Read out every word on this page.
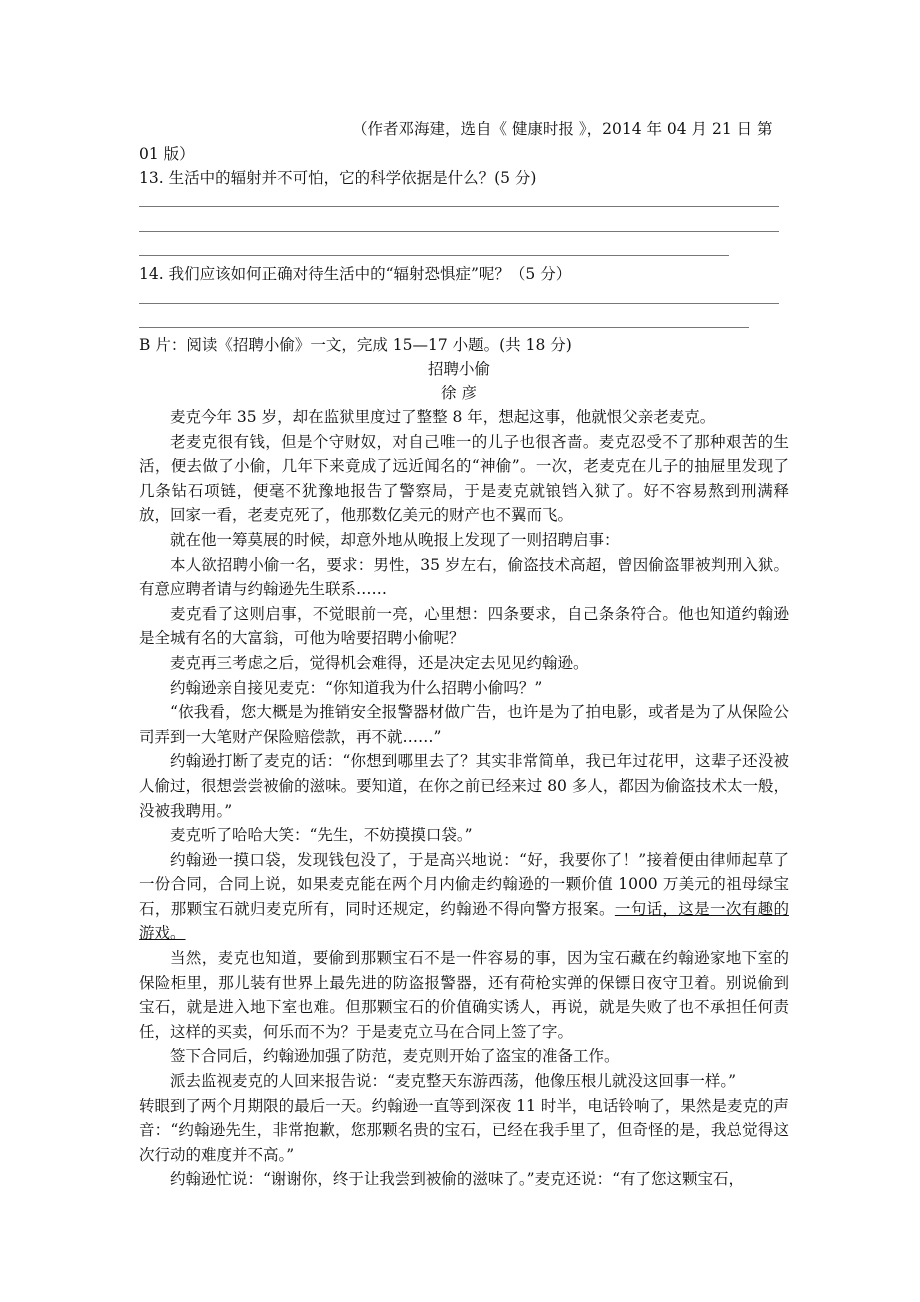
（作者邓海建，选自《 健康时报 》，2014 年 04 月 21 日 第
01 版）
13. 生活中的辐射并不可怕，它的科学依据是什么？(5 分)
14. 我们应该如何正确对待生活中的“辐射恐惧症”呢？（5 分）
B 片：阅读《招聘小偷》一文，完成 15—17 小题。(共 18 分)
招聘小偷
徐 彦

麦克今年 35 岁，却在监狱里度过了整整 8 年，想起这事，他就恨父亲老麦克。

老麦克很有钱，但是个守财奴，对自己唯一的儿子也很吝啬。麦克忍受不了那种艰苦的生活，便去做了小偷，几年下来竟成了远近闻名的“神偷”。一次，老麦克在儿子的抽屉里发现了几条钻石项链，便毫不犹豫地报告了警察局，于是麦克就锒铛入狱了。好不容易熬到刑满释放，回家一看，老麦克死了，他那数亿美元的财产也不翼而飞。

就在他一筹莫展的时候，却意外地从晚报上发现了一则招聘启事：

本人欲招聘小偷一名，要求：男性，35 岁左右，偷盗技术高超，曾因偷盗罪被判刑入狱。有意应聘者请与约翰逊先生联系……

麦克看了这则启事，不觉眼前一亮，心里想：四条要求，自己条条符合。他也知道约翰逊是全城有名的大富翁，可他为啥要招聘小偷呢？

麦克再三考虑之后，觉得机会难得，还是决定去见见约翰逊。

约翰逊亲自接见麦克：“你知道我为什么招聘小偷吗？”

“依我看，您大概是为推销安全报警器材做广告，也许是为了拍电影，或者是为了从保险公司弄到一大笔财产保险赔偿款，再不就……”

约翰逊打断了麦克的话：“你想到哪里去了？其实非常简单，我已年过花甲，这辈子还没被人偷过，很想尝尝被偷的滋味。要知道，在你之前已经来过 80 多人，都因为偷盗技术太一般，没被我聘用。”

麦克听了哈哈大笑：“先生，不妨摸摸口袋。”

约翰逊一摸口袋，发现钱包没了，于是高兴地说：“好，我要你了！”接着便由律师起草了一份合同，合同上说，如果麦克能在两个月内偷走约翰逊的一颗价值 1000 万美元的祖母绿宝石，那颗宝石就归麦克所有，同时还规定，约翰逊不得向警方报案。一句话，这是一次有趣的游戏。

当然，麦克也知道，要偷到那颗宝石不是一件容易的事，因为宝石藏在约翰逊家地下室的保险柜里，那儿装有世界上最先进的防盗报警器，还有荷枪实弹的保镖日夜守卫着。别说偷到宝石，就是进入地下室也难。但那颗宝石的价值确实诱人，再说，就是失败了也不承担任何责任，这样的买卖，何乐而不为？于是麦克立马在合同上签了字。

签下合同后，约翰逊加强了防范，麦克则开始了盗宝的准备工作。

派去监视麦克的人回来报告说：“麦克整天东游西荡，他像压根儿就没这回事一样。”

转眼到了两个月期限的最后一天。约翰逊一直等到深夜 11 时半，电话铃响了，果然是麦克的声音：“约翰逊先生，非常抱歉，您那颗名贵的宝石，已经在我手里了，但奇怪的是，我总觉得这次行动的难度并不高。”

约翰逊忙说：“谢谢你，终于让我尝到被偷的滋味了。”麦克还说：“有了您这颗宝石，
